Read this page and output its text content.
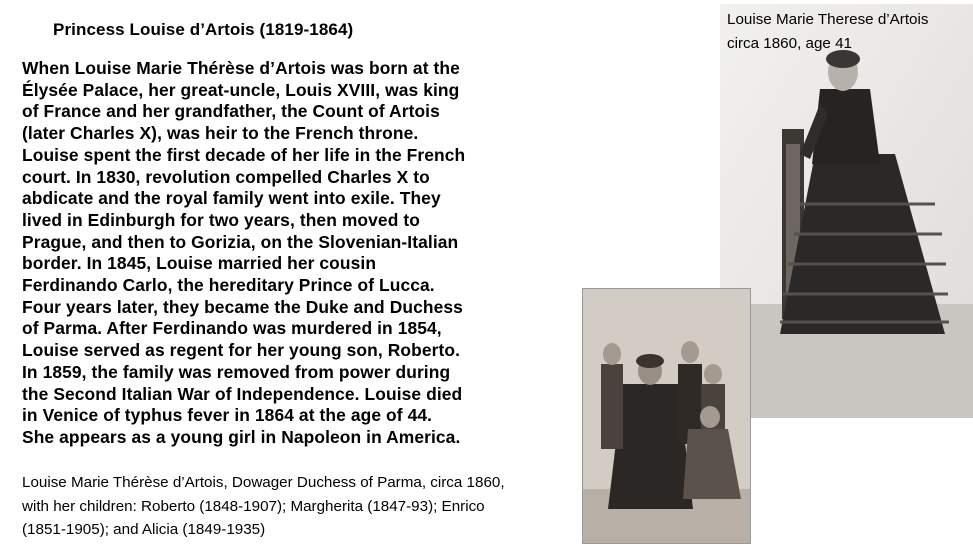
Princess Louise d’Artois (1819-1864)
When Louise Marie Thérèse d’Artois was born at the
Élysée Palace, her great-uncle, Louis XVIII, was king
of France and her grandfather, the Count of Artois
(later Charles X), was heir to the French throne.
Louise spent the first decade of her life in the French
court. In 1830, revolution compelled Charles X to
abdicate and the royal family went into exile. They
lived in Edinburgh for two years, then moved to
Prague, and then to Gorizia, on the Slovenian-Italian
border. In 1845, Louise married her cousin
Ferdinando Carlo, the hereditary Prince of Lucca.
Four years later, they became the Duke and Duchess
of Parma. After Ferdinando was murdered in 1854,
Louise served as regent for her young son, Roberto.
In 1859, the family was removed from power during
the Second Italian War of Independence. Louise died
in Venice of typhus fever in 1864 at the age of 44.
She appears as a young girl in Napoleon in America.
Louise Marie Therese d’Artois
circa 1860, age 41
Louise Marie Thérèse d’Artois, Dowager Duchess of Parma, circa 1860,
with her children: Roberto (1848-1907); Margherita (1847-93); Enrico
(1851-1905); and Alicia (1849-1935)
